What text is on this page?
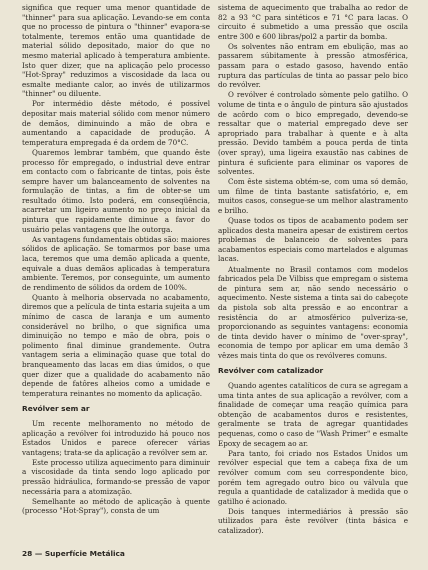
significa que requer uma menor quantidade de "thinner" para sua aplicação. Levando-se em conta que no processo de pintura o "thinner" evapora-se totalmente, teremos então uma quantidade de material sólido depositado, maior do que no mesmo material aplicado à temperatura ambiente. Isto quer dizer, que na aplicação pelo processo "Hot-Spray" reduzimos a viscosidade da laca ou esmalte mediante calor, ao invés de utilizarmos "thinner" ou diluente.

Por intermédio dêste método, é possível depositar mais material sólido com menor número de demãos, diminuindo a mão de obra e aumentando a capacidade de produção. A temperatura empregada é da ordem de 70°C.

Quaremos lembrar também, que quando êste processo fôr empregado, o industrial deve entrar em contacto com o fabricante de tintas, pois êste sempre haver um balanceamento de solventes na formulação de tintas, a fim de obter-se um resultado ótimo. Isto poderá, em conseqüência, acarretar um ligeiro aumento no preço inicial da pintura que rapidamente diminue a favor do usuário pelas vantagens que lhe outorga.

As vantagens fundamentais obtidas são: maiores sólidos de aplicação. Se tomarmos por base uma laca, teremos que uma demão aplicada a quente, equivale a duas demãos aplicadas à temperatura ambiente. Teremos, por conseguinte, um aumento de rendimento de sólidos da ordem de 100%.

Quanto à melhoria observada no acabamento, diremos que a película de tinta estaria sujeita a um mínimo de casca de laranja e um aumento considerável no brilho, o que significa uma diminuição no tempo e mão de obra, pois o polimento final diminue grandemente. Outra vantagem seria a eliminação quase que total do branqueamento das lacas em dias úmidos, o que quer dizer que a qualidade do acabamento não depende de fatôres alheios como a umidade e temperatura reinantes no momento da aplicação.

Revólver sem ar

Um recente melhoramento no método de aplicação a revólver foi introduzido há pouco nos Estados Unidos e parece oferecer várias vantagens; trata-se da aplicação a revólver sem ar.

Este processo utiliza aquecimento para diminuir a viscosidade da tinta sendo logo aplicado por pressão hidráulica, formando-se pressão de vapor necessária para a atomização.

Semelhante ao método de aplicação à quente (processo "Hot-Spray"), consta de um

sistema de aquecimento que trabalha ao redor de 82 a 93 °C para sintéticos e 71 °C para lacas. O circuito é submetido a uma pressão que oscila entre 300 e 600 libras/pol2 a partir da bomba.

Os solventes não entram em ebulição, mas ao passarem súbitamente à pressão atmosférica, passam para o estado gasoso, havendo então ruptura das partículas de tinta ao passar pelo bico do revólver.

O revólver é controlado sòmente pelo gatilho. O volume de tinta e o ângulo de pintura são ajustados de acôrdo com o bico empregado, devendo-se ressaltar que o material empregado deve ser apropriado para trabalhar à quente e à alta pressão. Devido também a pouca perda de tinta (over spray), uma ligeira exaustão nas cabines de pintura é suficiente para eliminar os vapores de solventes.

Com êste sistema obtém-se, com uma só demão, um filme de tinta bastante satisfatório, e, em muitos casos, consegue-se um melhor alastramento e brilho.

Quase todos os tipos de acabamento podem ser aplicados desta maneira apesar de existirem certos problemas de balanceio de solventes para acabamentos especiais como martelados e algumas lacas.

Atualmente no Brasil contamos com modelos fabricados pela De Vilbiss que empregam o sistema de pintura sem ar, não sendo necessário o aquecimento. Neste sistema a tinta sai do cabeçote da pistola sob alta pressão e ao encontrar a resistência do ar atmosférico pulveriza-se, proporcionando as seguintes vantagens: economia de tinta devido haver o mínimo de "over-spray", economia de tempo por aplicar em uma demão 3 vêzes mais tinta do que os revólveres comuns.

Revólver com catalizador

Quando agentes catalíticos de cura se agregam a uma tinta antes de sua aplicação a revólver, com a finalidade de começar uma reação química para obtenção de acabamentos duros e resistentes, geralmente se trata de agregar quantidades pequenas, como o caso de "Wash Primer" e esmalte Epoxy de secagem ao ar.

Para tanto, foi criado nos Estados Unidos um revólver especial que tem a cabeça fixa de um revólver comum com seu correspondente bico, porém tem agregado outro bico ou válvula que regula a quantidade de catalizador à medida que o gatilho é acionado.

Dois tanques intermediários à pressão são utilizados para êste revólver (tinta básica e catalizador).

28 — Superfície Metálica
